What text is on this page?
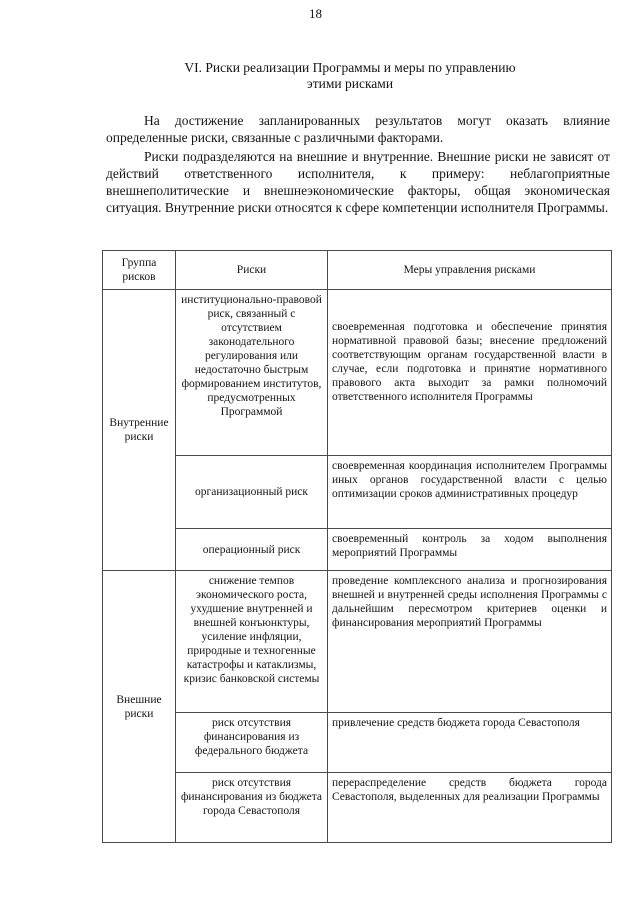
18
VI. Риски реализации Программы и меры по управлению
этими рисками
На достижение запланированных результатов могут оказать влияние определенные риски, связанные с различными факторами.
Риски подразделяются на внешние и внутренние. Внешние риски не зависят от действий ответственного исполнителя, к примеру: неблагоприятные внешнеполитические и внешнеэкономические факторы, общая экономическая ситуация. Внутренние риски относятся к сфере компетенции исполнителя Программы.
Группа рисков	Риски	Меры управления рисками
Внутренние риски	институционально-правовой риск, связанный с отсутствием законодательного регулирования или недостаточно быстрым формированием институтов, предусмотренных Программой	своевременная подготовка и обеспечение принятия нормативной правовой базы; внесение предложений соответствующим органам государственной власти в случае, если подготовка и принятие нормативного правового акта выходит за рамки полномочий ответственного исполнителя Программы
	организационный риск	своевременная координация исполнителем Программы иных органов государственной власти с целью оптимизации сроков административных процедур
	операционный риск	своевременный контроль за ходом выполнения мероприятий Программы
Внешние риски	снижение темпов экономического роста, ухудшение внутренней и внешней конъюнктуры, усиление инфляции, природные и техногенные катастрофы и катаклизмы, кризис банковской системы	проведение комплексного анализа и прогнозирования внешней и внутренней среды исполнения Программы с дальнейшим пересмотром критериев оценки и финансирования мероприятий Программы
	риск отсутствия финансирования из федерального бюджета	привлечение средств бюджета города Севастополя
	риск отсутствия финансирования из бюджета города Севастополя	перераспределение средств бюджета города Севастополя, выделенных для реализации Программы
